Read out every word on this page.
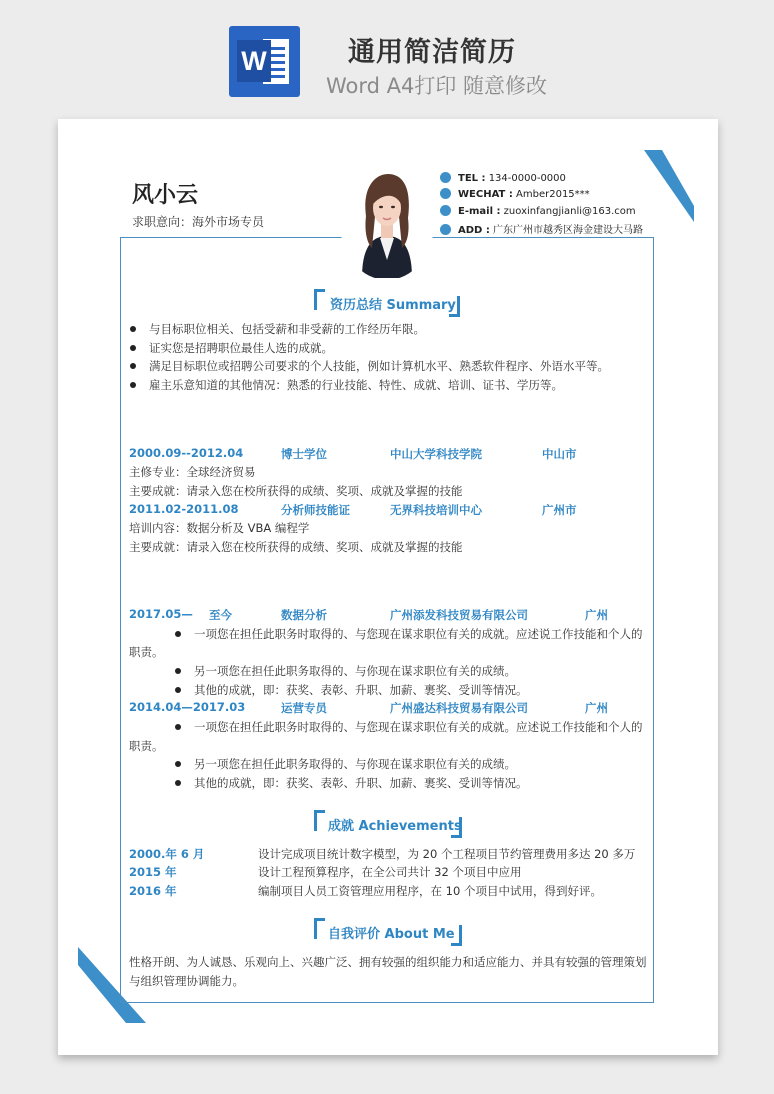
W	通用简洁简历
Word A4打印 随意修改
风小云
求职意向：海外市场专员
TEL : 134-0000-0000
WECHAT : Amber2015***
E-mail : zuoxinfangjianli@163.com
ADD : 广东广州市越秀区海金建设大马路
资历总结 Summary
与目标职位相关、包括受薪和非受薪的工作经历年限。
证实您是招聘职位最佳人选的成就。
满足目标职位或招聘公司要求的个人技能，例如计算机水平、熟悉软件程序、外语水平等。
雇主乐意知道的其他情况：熟悉的行业技能、特性、成就、培训、证书、学历等。
2000.09--2012.04	博士学位	中山大学科技学院	中山市
主修专业：全球经济贸易
主要成就：请录入您在校所获得的成绩、奖项、成就及掌握的技能
2011.02-2011.08	分析师技能证	无界科技培训中心	广州市
培训内容：数据分析及 VBA 编程学
主要成就：请录入您在校所获得的成绩、奖项、成就及掌握的技能
2017.05— 至今	数据分析	广州添发科技贸易有限公司	广州
一项您在担任此职务时取得的、与您现在谋求职位有关的成就。应述说工作技能和个人的
职责。
另一项您在担任此职务取得的、与你现在谋求职位有关的成绩。
其他的成就，即：获奖、表彰、升职、加薪、裹奖、受训等情况。
2014.04—2017.03	运营专员	广州盛达科技贸易有限公司	广州
一项您在担任此职务时取得的、与您现在谋求职位有关的成就。应述说工作技能和个人的
职责。
另一项您在担任此职务取得的、与你现在谋求职位有关的成绩。
其他的成就，即：获奖、表彰、升职、加薪、裹奖、受训等情况。
成就 Achievements
2000.年 6 月	设计完成项目统计数字模型，为 20 个工程项目节约管理费用多达 20 多万
2015 年	设计工程预算程序，在全公司共计 32 个项目中应用
2016 年	编制项目人员工资管理应用程序，在 10 个项目中试用，得到好评。
自我评价 About Me
性格开朗、为人诚恳、乐观向上、兴趣广泛、拥有较强的组织能力和适应能力、并具有较强的管理策划
与组织管理协调能力。
